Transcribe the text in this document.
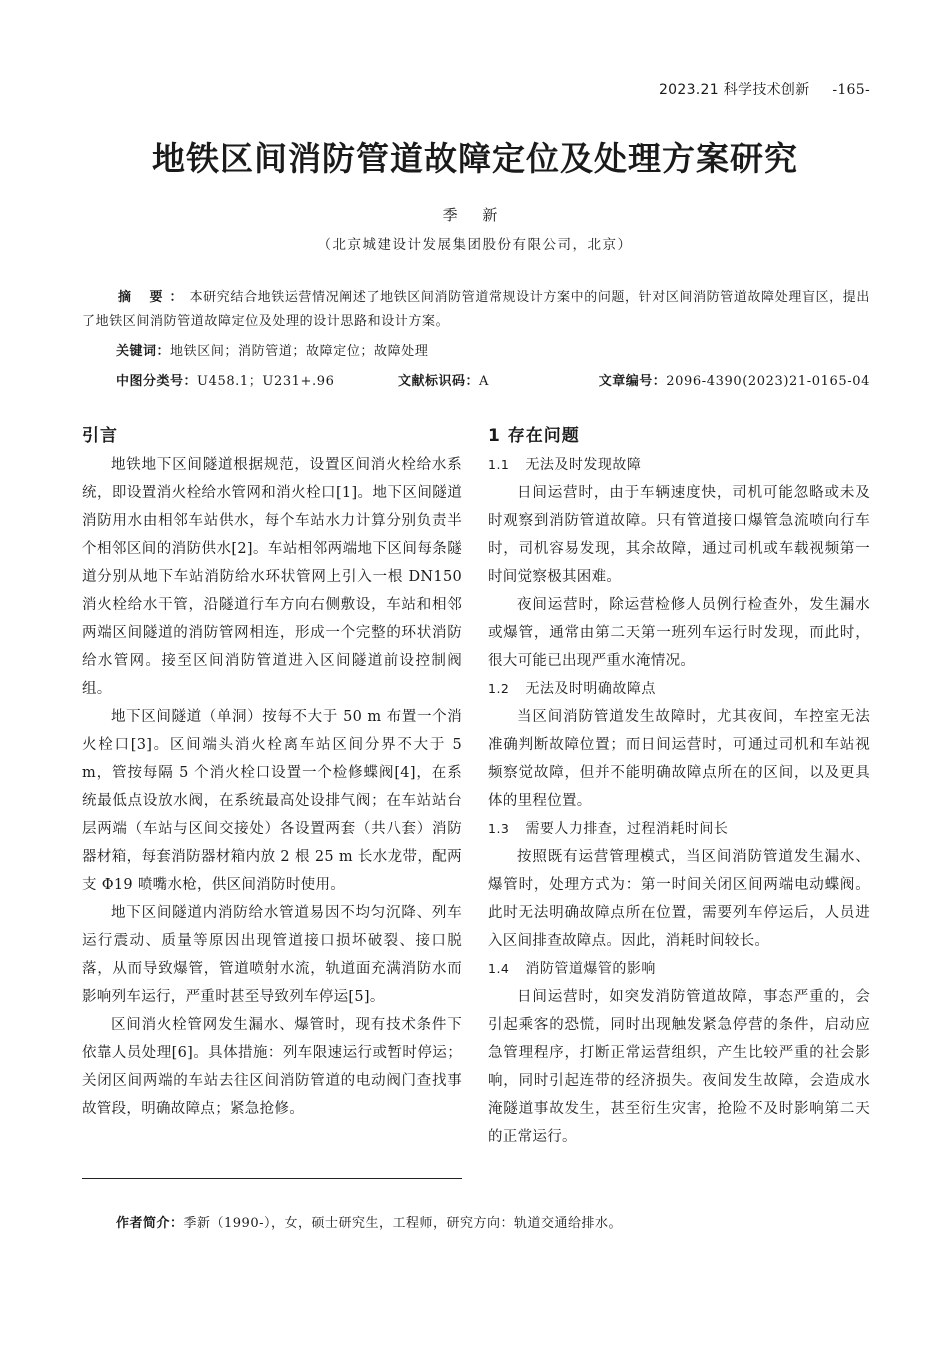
2023.21 科学技术创新 -165-
地铁区间消防管道故障定位及处理方案研究
季 新
（北京城建设计发展集团股份有限公司，北京）

摘 要：本研究结合地铁运营情况阐述了地铁区间消防管道常规设计方案中的问题，针对区间消防管道故障处理盲区，提出了地铁区间消防管道故障定位及处理的设计思路和设计方案。

关键词：地铁区间；消防管道；故障定位；故障处理
中图分类号：U458.1；U231+.96	文献标识码：A	文章编号：2096-4390(2023)21-0165-04
引言	1 存在问题

地铁地下区间隧道根据规范，设置区间消火栓给水系统，即设置消火栓给水管网和消火栓口[1]。地下区间隧道消防用水由相邻车站供水，每个车站水力计算分别负责半个相邻区间的消防供水[2]。车站相邻两端地下区间每条隧道分别从地下车站消防给水环状管网上引入一根 DN150 消火栓给水干管，沿隧道行车方向右侧敷设，车站和相邻两端区间隧道的消防管网相连，形成一个完整的环状消防给水管网。接至区间消防管道进入区间隧道前设控制阀组。

地下区间隧道（单洞）按每不大于 50 m 布置一个消火栓口[3]。区间端头消火栓离车站区间分界不大于 5 m，管按每隔 5 个消火栓口设置一个检修蝶阀[4]，在系统最低点设放水阀，在系统最高处设排气阀；在车站站台层两端（车站与区间交接处）各设置两套（共八套）消防器材箱，每套消防器材箱内放 2 根 25 m 长水龙带，配两支 Φ19 喷嘴水枪，供区间消防时使用。

地下区间隧道内消防给水管道易因不均匀沉降、列车运行震动、质量等原因出现管道接口损坏破裂、接口脱落，从而导致爆管，管道喷射水流，轨道面充满消防水而影响列车运行，严重时甚至导致列车停运[5]。

区间消火栓管网发生漏水、爆管时，现有技术条件下依靠人员处理[6]。具体措施：列车限速运行或暂时停运；关闭区间两端的车站去往区间消防管道的电动阀门查找事故管段，明确故障点；紧急抢修。

1.1 无法及时发现故障

日间运营时，由于车辆速度快，司机可能忽略或未及时观察到消防管道故障。只有管道接口爆管急流喷向行车时，司机容易发现，其余故障，通过司机或车载视频第一时间觉察极其困难。

夜间运营时，除运营检修人员例行检查外，发生漏水或爆管，通常由第二天第一班列车运行时发现，而此时，很大可能已出现严重水淹情况。

1.2 无法及时明确故障点

当区间消防管道发生故障时，尤其夜间，车控室无法准确判断故障位置；而日间运营时，可通过司机和车站视频察觉故障，但并不能明确故障点所在的区间，以及更具体的里程位置。

1.3 需要人力排查，过程消耗时间长

按照既有运营管理模式，当区间消防管道发生漏水、爆管时，处理方式为：第一时间关闭区间两端电动蝶阀。此时无法明确故障点所在位置，需要列车停运后，人员进入区间排查故障点。因此，消耗时间较长。

1.4 消防管道爆管的影响

日间运营时，如突发消防管道故障，事态严重的，会引起乘客的恐慌，同时出现触发紧急停营的条件，启动应急管理程序，打断正常运营组织，产生比较严重的社会影响，同时引起连带的经济损失。夜间发生故障，会造成水淹隧道事故发生，甚至衍生灾害，抢险不及时影响第二天的正常运行。

作者简介：季新（1990-），女，硕士研究生，工程师，研究方向：轨道交通给排水。
